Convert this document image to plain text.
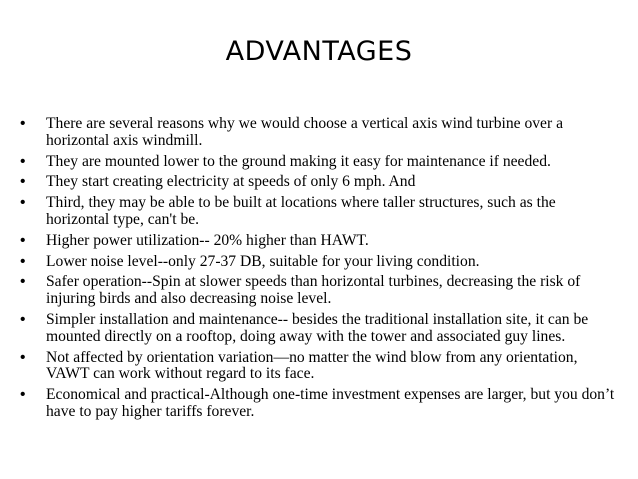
ADVANTAGES
• There are several reasons why we would choose a vertical axis wind turbine over a horizontal axis windmill.
• They are mounted lower to the ground making it easy for maintenance if needed.
• They start creating electricity at speeds of only 6 mph. And
• Third, they may be able to be built at locations where taller structures, such as the horizontal type, can't be.
• Higher power utilization-- 20% higher than HAWT.
• Lower noise level--only 27-37 DB, suitable for your living condition.
• Safer operation--Spin at slower speeds than horizontal turbines, decreasing the risk of injuring birds and also decreasing noise level.
• Simpler installation and maintenance-- besides the traditional installation site, it can be mounted directly on a rooftop, doing away with the tower and associated guy lines.
• Not affected by orientation variation—no matter the wind blow from any orientation, VAWT can work without regard to its face.
• Economical and practical-Although one-time investment expenses are larger, but you don’t have to pay higher tariffs forever.
